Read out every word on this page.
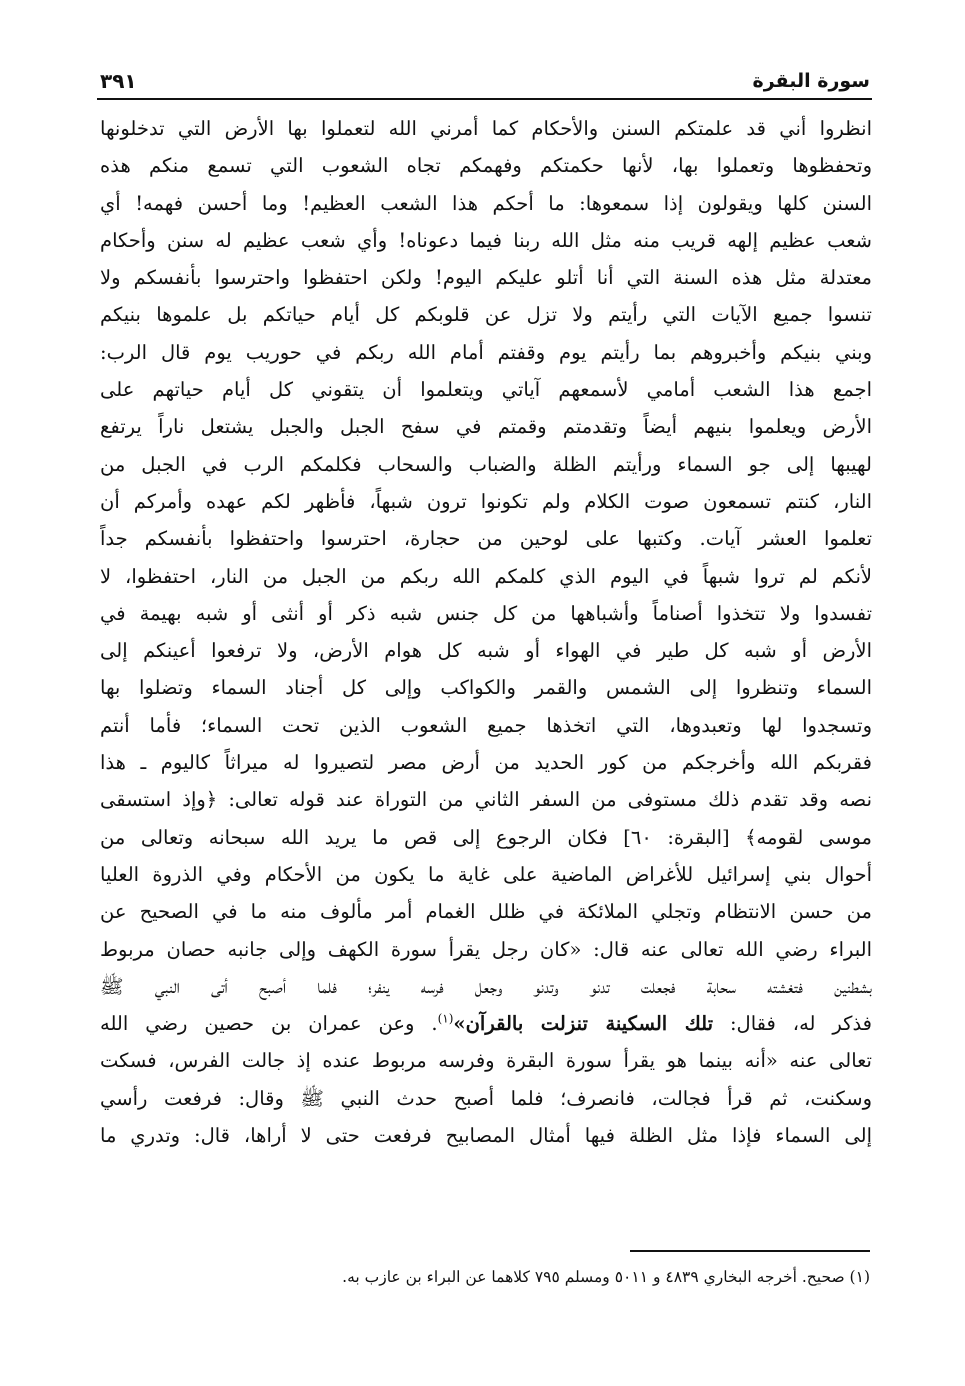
سورة البقرة
٣٩١
انظروا أني قد علمتكم السنن والأحكام كما أمرني الله لتعملوا بها الأرض التي تدخلونها
وتحفظوها وتعملوا بها، لأنها حكمتكم وفهمكم تجاه الشعوب التي تسمع منكم هذه
السنن كلها ويقولون إذا سمعوها: ما أحكم هذا الشعب العظيم! وما أحسن فهمه! أي
شعب عظيم إلهه قريب منه مثل الله ربنا فيما دعوناه! وأي شعب عظيم له سنن وأحكام
معتدلة مثل هذه السنة التي أنا أتلو عليكم اليوم! ولكن احتفظوا واحترسوا بأنفسكم ولا
تنسوا جميع الآيات التي رأيتم ولا تزل عن قلوبكم كل أيام حياتكم بل علموها بنيكم
وبني بنيكم وأخبروهم بما رأيتم يوم وقفتم أمام الله ربكم في حوريب يوم قال الرب:
اجمع هذا الشعب أمامي لأسمعهم آياتي ويتعلموا أن يتقوني كل أيام حياتهم على
الأرض ويعلموا بنيهم أيضاً وتقدمتم وقمتم في سفح الجبل والجبل يشتعل ناراً يرتفع
لهيبها إلى جو السماء ورأيتم الظلة والضباب والسحاب فكلمكم الرب في الجبل من
النار، كنتم تسمعون صوت الكلام ولم تكونوا ترون شبهاً، فأظهر لكم عهده وأمركم أن
تعلموا العشر آيات. وكتبها على لوحين من حجارة، احترسوا واحتفظوا بأنفسكم جداً
لأنكم لم تروا شبهاً في اليوم الذي كلمكم الله ربكم من الجبل من النار، احتفظوا، لا
تفسدوا ولا تتخذوا أصناماً وأشباهها من كل جنس شبه ذكر أو أنثى أو شبه بهيمة في
الأرض أو شبه كل طير في الهواء أو شبه كل هوام الأرض، ولا ترفعوا أعينكم إلى
السماء وتنظروا إلى الشمس والقمر والكواكب وإلى كل أجناد السماء وتضلوا بها
وتسجدوا لها وتعبدوها، التي اتخذها جميع الشعوب الذين تحت السماء؛ فأما أنتم
فقربكم الله وأخرجكم من كور الحديد من أرض مصر لتصيروا له ميراثاً كاليوم ـ هذا
نصه وقد تقدم ذلك مستوفى من السفر الثاني من التوراة عند قوله تعالى: ﴿وإذ استسقى
موسى لقومه﴾ [البقرة: ٦٠] فكان الرجوع إلى قص ما يريد الله سبحانه وتعالى من
أحوال بني إسرائيل للأغراض الماضية على غاية ما يكون من الأحكام وفي الذروة العليا
من حسن الانتظام وتجلي الملائكة في ظلل الغمام أمر مألوف منه ما في الصحيح عن
البراء رضي الله تعالى عنه قال: «كان رجل يقرأ سورة الكهف وإلى جانبه حصان مربوط
بشطنين فتغشته سحابة فجعلت تدنو وتدنو وجعل فرسه ينفر؛ فلما أصبح أتى النبي ﷺ
فذكر له، فقال: تلك السكينة تنزلت بالقرآن»$^{(١)}$. وعن عمران بن حصين رضي الله
تعالى عنه «أنه بينما هو يقرأ سورة البقرة وفرسه مربوط عنده إذ جالت الفرس، فسكت
وسكنت، ثم قرأ فجالت، فانصرف؛ فلما أصبح حدث النبي ﷺ وقال: فرفعت رأسي
إلى السماء فإذا مثل الظلة فيها أمثال المصابيح فرفعت حتى لا أراها، قال: وتدري ما
(١) صحيح. أخرجه البخاري ٤٨٣٩ و ٥٠١١ ومسلم ٧٩٥ كلاهما عن البراء بن عازب به.
